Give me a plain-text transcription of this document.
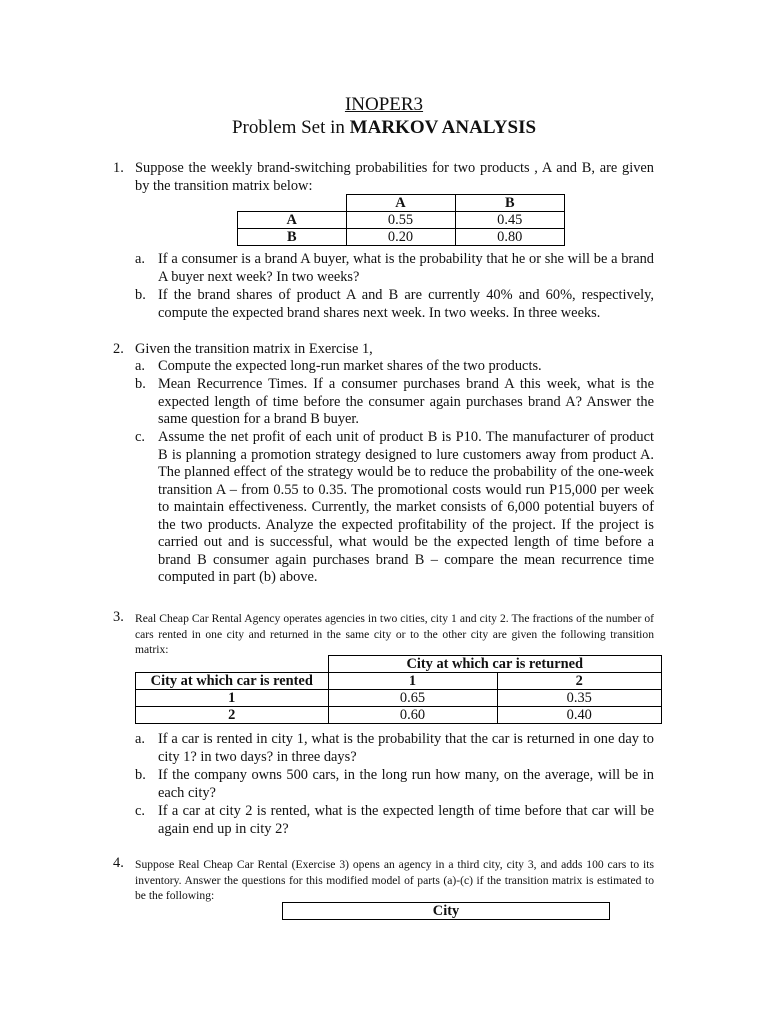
INOPER3
Problem Set in MARKOV ANALYSIS
1. Suppose the weekly brand-switching probabilities for two products , A and B, are given by the transition matrix below:
	A	B
A	0.55	0.45
B	0.20	0.80
a. If a consumer is a brand A buyer, what is the probability that he or she will be a brand A buyer next week? In two weeks?
b. If the brand shares of product A and B are currently 40% and 60%, respectively, compute the expected brand shares next week. In two weeks. In three weeks.
2. Given the transition matrix in Exercise 1,
a. Compute the expected long-run market shares of the two products.
b. Mean Recurrence Times. If a consumer purchases brand A this week, what is the expected length of time before the consumer again purchases brand A? Answer the same question for a brand B buyer.
c. Assume the net profit of each unit of product B is P10. The manufacturer of product B is planning a promotion strategy designed to lure customers away from product A. The planned effect of the strategy would be to reduce the probability of the one-week transition A – from 0.55 to 0.35. The promotional costs would run P15,000 per week to maintain effectiveness. Currently, the market consists of 6,000 potential buyers of the two products. Analyze the expected profitability of the project. If the project is carried out and is successful, what would be the expected length of time before a brand B consumer again purchases brand B – compare the mean recurrence time computed in part (b) above.
3. Real Cheap Car Rental Agency operates agencies in two cities, city 1 and city 2. The fractions of the number of cars rented in one city and returned in the same city or to the other city are given the following transition matrix:
	City at which car is returned	
City at which car is rented	1	2
1	0.65	0.35
2	0.60	0.40
a. If a car is rented in city 1, what is the probability that the car is returned in one day to city 1? in two days? in three days?
b. If the company owns 500 cars, in the long run how many, on the average, will be in each city?
c. If a car at city 2 is rented, what is the expected length of time before that car will be again end up in city 2?
4. Suppose Real Cheap Car Rental (Exercise 3) opens an agency in a third city, city 3, and adds 100 cars to its inventory. Answer the questions for this modified model of parts (a)-(c) if the transition matrix is estimated to be the following:
City
